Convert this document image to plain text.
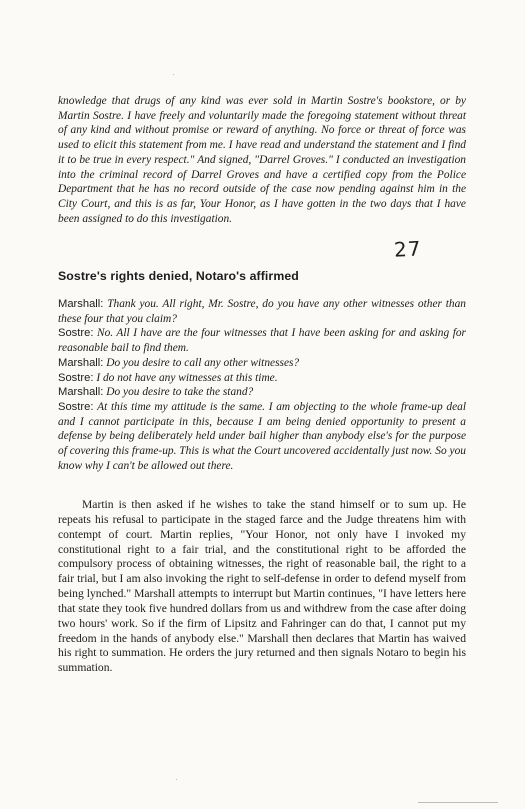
.
knowledge that drugs of any kind was ever sold in Martin Sostre's bookstore, or by Martin Sostre. I have freely and voluntarily made the foregoing statement without threat of any kind and without promise or reward of anything. No force or threat of force was used to elicit this statement from me. I have read and understand the statement and I find it to be true in every respect." And signed, "Darrel Groves." I conducted an investigation into the criminal record of Darrel Groves and have a certified copy from the Police Department that he has no record outside of the case now pending against him in the City Court, and this is as far, Your Honor, as I have gotten in the two days that I have been assigned to do this investigation.
27
Sostre's rights denied, Notaro's affirmed

Marshall: Thank you. All right, Mr. Sostre, do you have any other witnesses other than these four that you claim?

Sostre: No. All I have are the four witnesses that I have been asking for and asking for reasonable bail to find them.

Marshall: Do you desire to call any other witnesses?

Sostre: I do not have any witnesses at this time.

Marshall: Do you desire to take the stand?

Sostre: At this time my attitude is the same. I am objecting to the whole frame-up deal and I cannot participate in this, because I am being denied opportunity to present a defense by being deliberately held under bail higher than anybody else's for the purpose of covering this frame-up. This is what the Court uncovered accidentally just now. So you know why I can't be allowed out there.

Martin is then asked if he wishes to take the stand himself or to sum up. He repeats his refusal to participate in the staged farce and the Judge threatens him with contempt of court. Martin replies, "Your Honor, not only have I invoked my constitutional right to a fair trial, and the constitutional right to be afforded the compulsory process of obtaining witnesses, the right of reasonable bail, the right to a fair trial, but I am also invoking the right to self-defense in order to defend myself from being lynched." Marshall attempts to interrupt but Martin continues, "I have letters here that state they took five hundred dollars from us and withdrew from the case after doing two hours' work. So if the firm of Lipsitz and Fahringer can do that, I cannot put my freedom in the hands of anybody else." Marshall then declares that Martin has waived his right to summation. He orders the jury returned and then signals Notaro to begin his summation.

.
